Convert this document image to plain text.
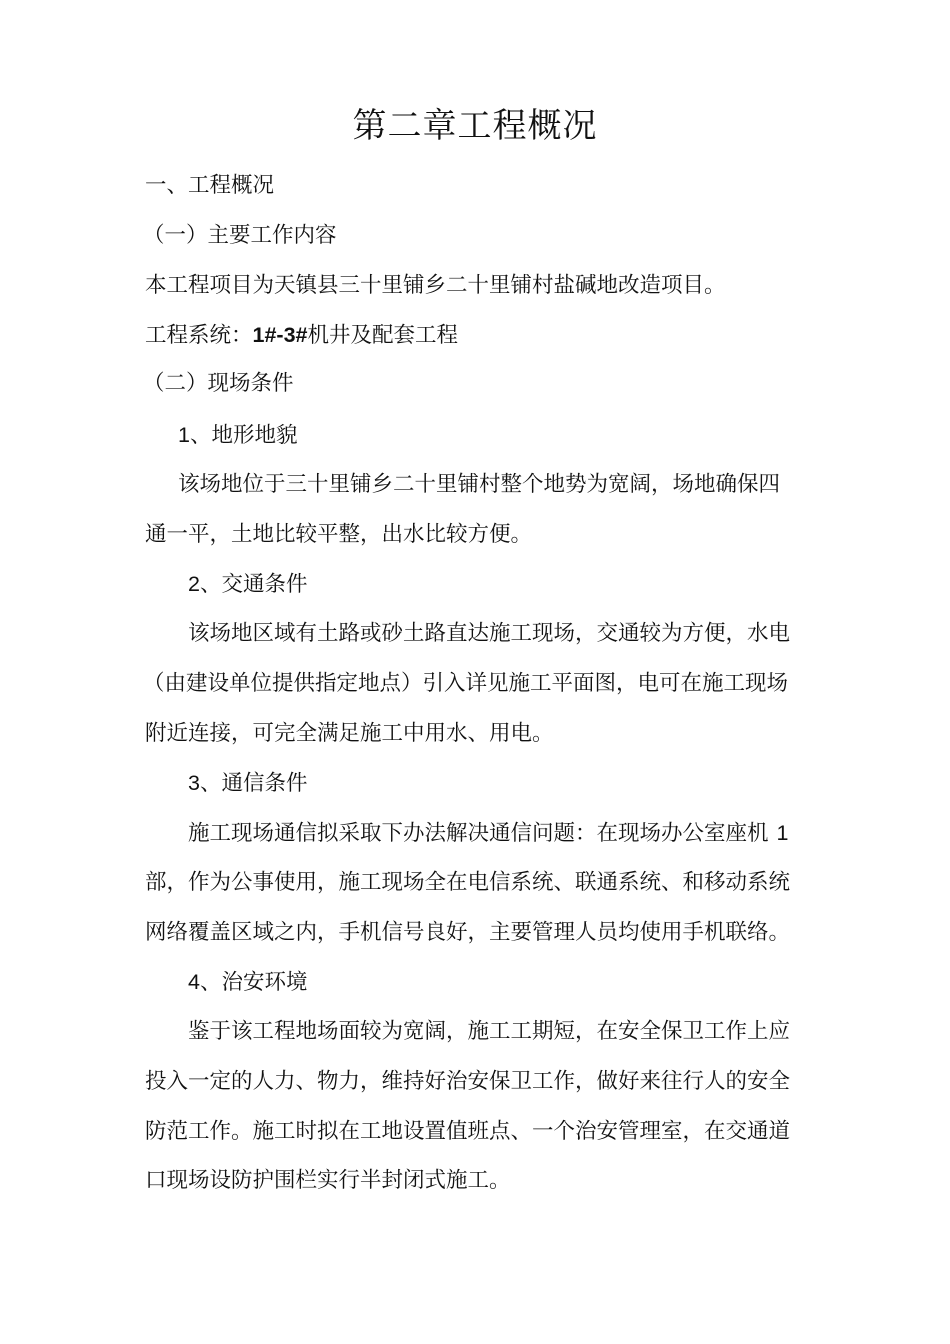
第二章工程概况

一、工程概况

（一）主要工作内容

本工程项目为天镇县三十里铺乡二十里铺村盐碱地改造项目。

工程系统：1#-3#机井及配套工程

（二）现场条件

1、地形地貌

该场地位于三十里铺乡二十里铺村整个地势为宽阔，场地确保四

通一平，土地比较平整，出水比较方便。

2、交通条件

该场地区域有土路或砂土路直达施工现场，交通较为方便，水电

（由建设单位提供指定地点）引入详见施工平面图，电可在施工现场

附近连接，可完全满足施工中用水、用电。

3、通信条件

施工现场通信拟采取下办法解决通信问题：在现场办公室座机 1

部，作为公事使用，施工现场全在电信系统、联通系统、和移动系统

网络覆盖区域之内，手机信号良好，主要管理人员均使用手机联络。

4、治安环境

鉴于该工程地场面较为宽阔，施工工期短，在安全保卫工作上应

投入一定的人力、物力，维持好治安保卫工作，做好来往行人的安全

防范工作。施工时拟在工地设置值班点、一个治安管理室，在交通道

口现场设防护围栏实行半封闭式施工。
